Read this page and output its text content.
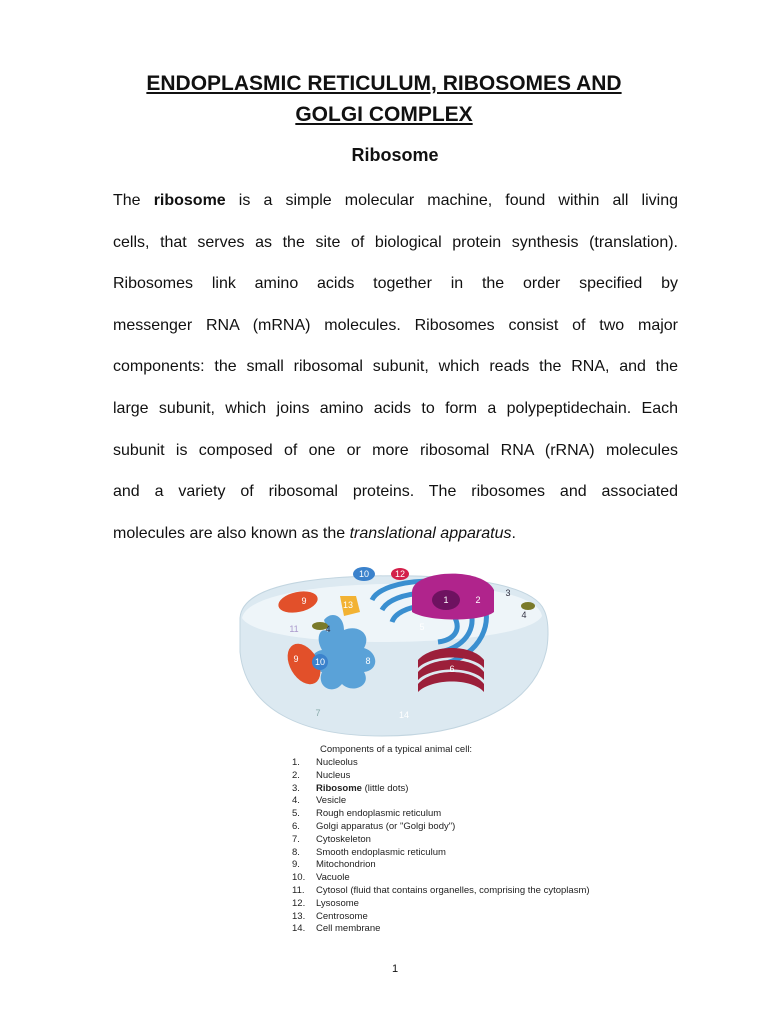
ENDOPLASMIC RETICULUM, RIBOSOMES AND
GOLGI COMPLEX
Ribosome
The ribosome is a simple molecular machine, found within all living
cells, that serves as the site of biological protein synthesis (translation).
Ribosomes link amino acids together in the order specified by
messenger RNA (mRNA) molecules. Ribosomes consist of two major
components: the small ribosomal subunit, which reads the RNA, and the
large subunit, which joins amino acids to form a polypeptidechain. Each
subunit is composed of one or more ribosomal RNA (rRNA) molecules
and a variety of ribosomal proteins. The ribosomes and associated
molecules are also known as the translational apparatus.
1	2
3
4
4
5
6
7
8
9
9
10
10
11
12
13
14
Components of a typical animal cell:
1.	Nucleolus
2.	Nucleus
3.	Ribosome (little dots)
4.	Vesicle
5.	Rough endoplasmic reticulum
6.	Golgi apparatus (or "Golgi body")
7.	Cytoskeleton
8.	Smooth endoplasmic reticulum
9.	Mitochondrion
10.	Vacuole
11.	Cytosol (fluid that contains organelles, comprising the cytoplasm)
12.	Lysosome
13.	Centrosome
14.	Cell membrane
1
